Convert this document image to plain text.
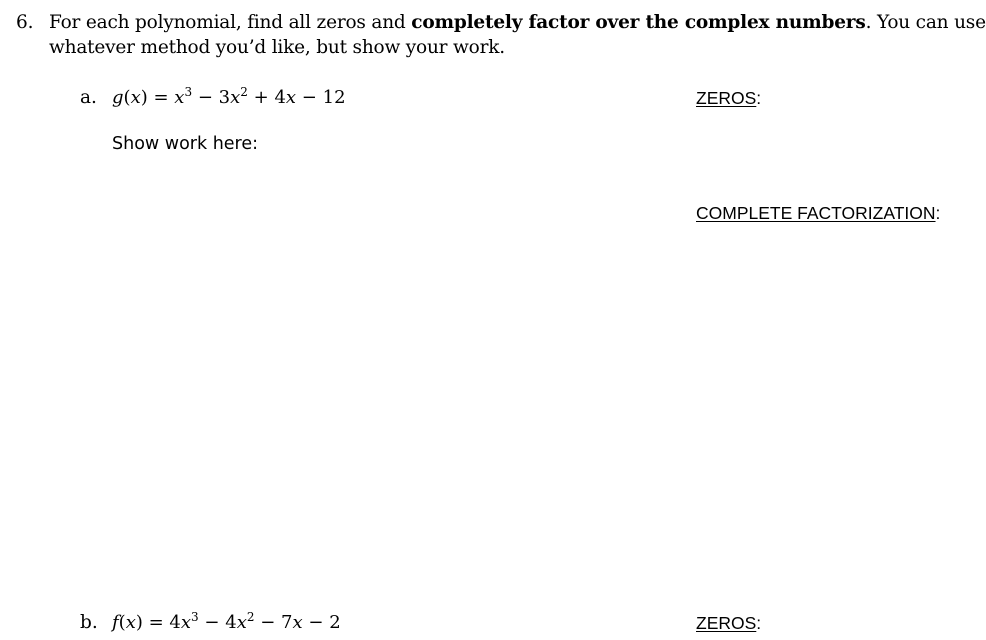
6. For each polynomial, find all zeros and completely factor over the complex numbers. You can use
whatever method you’d like, but show your work.
a. $g(x) = x^3 - 3x^2 + 4x - 12$
Show work here:
ZEROS:
COMPLETE FACTORIZATION:
b. $f(x) = 4x^3 - 4x^2 - 7x - 2$	ZEROS:
